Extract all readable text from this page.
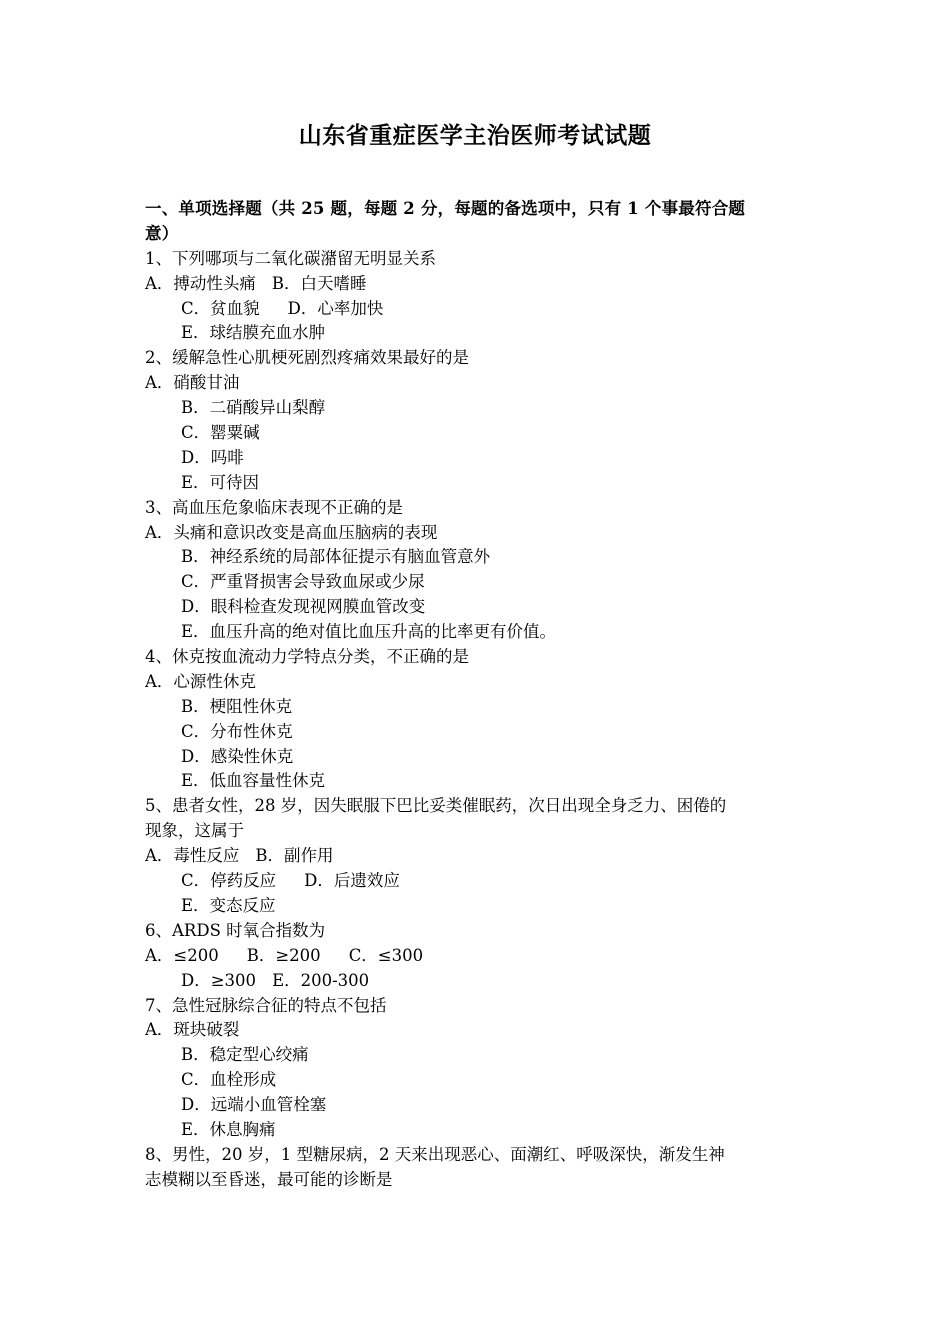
山东省重症医学主治医师考试试题
一、单项选择题（共 25 题，每题 2 分，每题的备选项中，只有 1 个事最符合题
意）
1、下列哪项与二氧化碳潴留无明显关系
A．搏动性头痛 B．白天嗜睡
C．贫血貌 D．心率加快
E．球结膜充血水肿
2、缓解急性心肌梗死剧烈疼痛效果最好的是
A．硝酸甘油
B．二硝酸异山梨醇
C．罂粟碱
D．吗啡
E．可待因
3、高血压危象临床表现不正确的是
A．头痛和意识改变是高血压脑病的表现
B．神经系统的局部体征提示有脑血管意外
C．严重肾损害会导致血尿或少尿
D．眼科检查发现视网膜血管改变
E．血压升高的绝对值比血压升高的比率更有价值。
4、休克按血流动力学特点分类，不正确的是
A．心源性休克
B．梗阻性休克
C．分布性休克
D．感染性休克
E．低血容量性休克
5、患者女性，28 岁，因失眠服下巴比妥类催眠药，次日出现全身乏力、困倦的
现象，这属于
A．毒性反应 B．副作用
C．停药反应 D．后遗效应
E．变态反应
6、ARDS 时氧合指数为
A．≤200 B．≥200 C．≤300
D．≥300 E．200-300
7、急性冠脉综合征的特点不包括
A．斑块破裂
B．稳定型心绞痛
C．血栓形成
D．远端小血管栓塞
E．休息胸痛
8、男性，20 岁，1 型糖尿病，2 天来出现恶心、面潮红、呼吸深快，渐发生神
志模糊以至昏迷，最可能的诊断是
